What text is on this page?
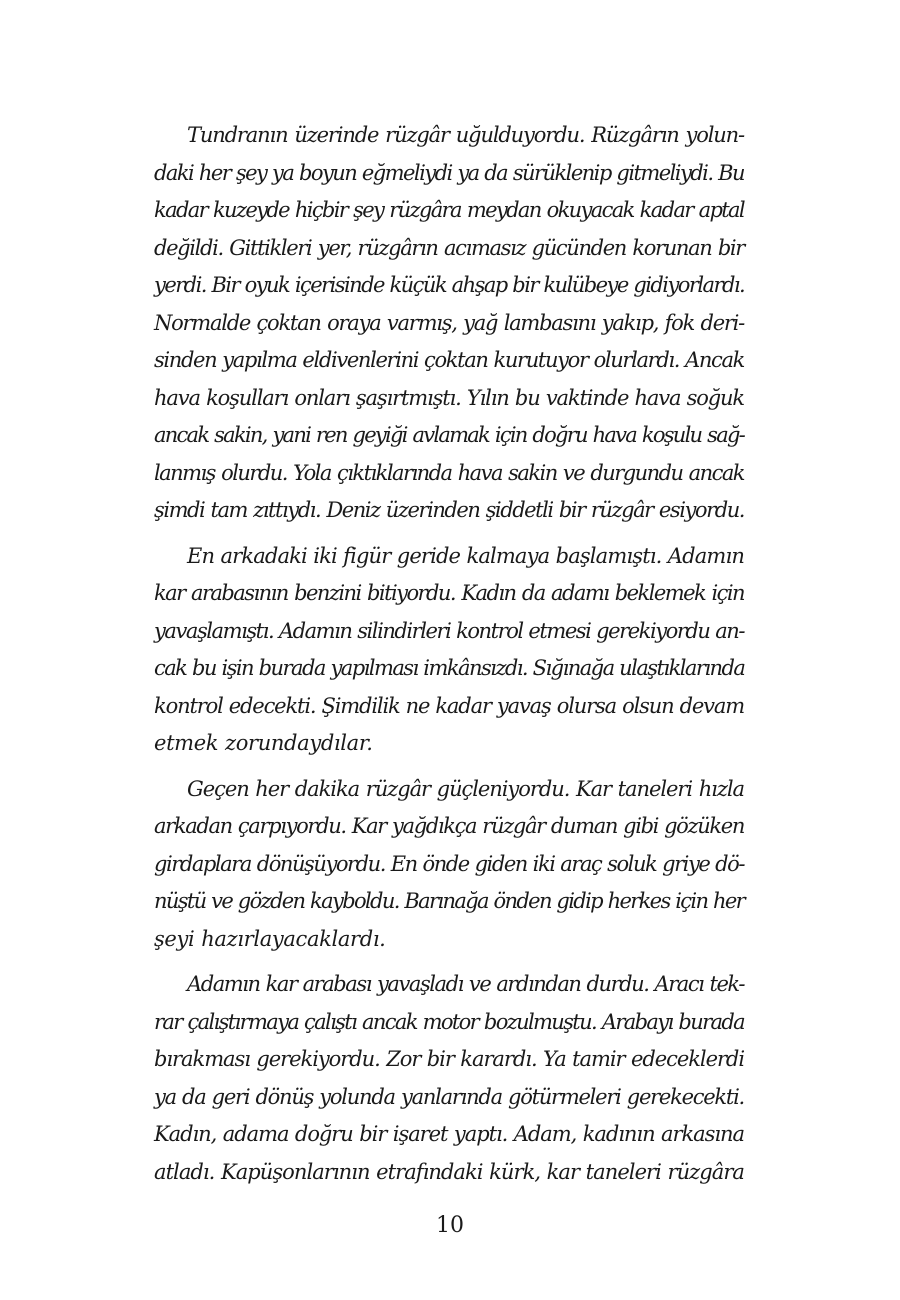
Tundranın üzerinde rüzgâr uğulduyordu. Rüzgârın yolun-
daki her şey ya boyun eğmeliydi ya da sürüklenip gitmeliydi. Bu
kadar kuzeyde hiçbir şey rüzgâra meydan okuyacak kadar aptal
değildi. Gittikleri yer, rüzgârın acımasız gücünden korunan bir
yerdi. Bir oyuk içerisinde küçük ahşap bir kulübeye gidiyorlardı.
Normalde çoktan oraya varmış, yağ lambasını yakıp, fok deri-
sinden yapılma eldivenlerini çoktan kurutuyor olurlardı. Ancak
hava koşulları onları şaşırtmıştı. Yılın bu vaktinde hava soğuk
ancak sakin, yani ren geyiği avlamak için doğru hava koşulu sağ-
lanmış olurdu. Yola çıktıklarında hava sakin ve durgundu ancak
şimdi tam zıttıydı. Deniz üzerinden şiddetli bir rüzgâr esiyordu.
En arkadaki iki figür geride kalmaya başlamıştı. Adamın
kar arabasının benzini bitiyordu. Kadın da adamı beklemek için
yavaşlamıştı. Adamın silindirleri kontrol etmesi gerekiyordu an-
cak bu işin burada yapılması imkânsızdı. Sığınağa ulaştıklarında
kontrol edecekti. Şimdilik ne kadar yavaş olursa olsun devam
etmek zorundaydılar.
Geçen her dakika rüzgâr güçleniyordu. Kar taneleri hızla
arkadan çarpıyordu. Kar yağdıkça rüzgâr duman gibi gözüken
girdaplara dönüşüyordu. En önde giden iki araç soluk griye dö-
nüştü ve gözden kayboldu. Barınağa önden gidip herkes için her
şeyi hazırlayacaklardı.
Adamın kar arabası yavaşladı ve ardından durdu. Aracı tek-
rar çalıştırmaya çalıştı ancak motor bozulmuştu. Arabayı burada
bırakması gerekiyordu. Zor bir karardı. Ya tamir edeceklerdi
ya da geri dönüş yolunda yanlarında götürmeleri gerekecekti.
Kadın, adama doğru bir işaret yaptı. Adam, kadının arkasına
atladı. Kapüşonlarının etrafındaki kürk, kar taneleri rüzgâra
10
